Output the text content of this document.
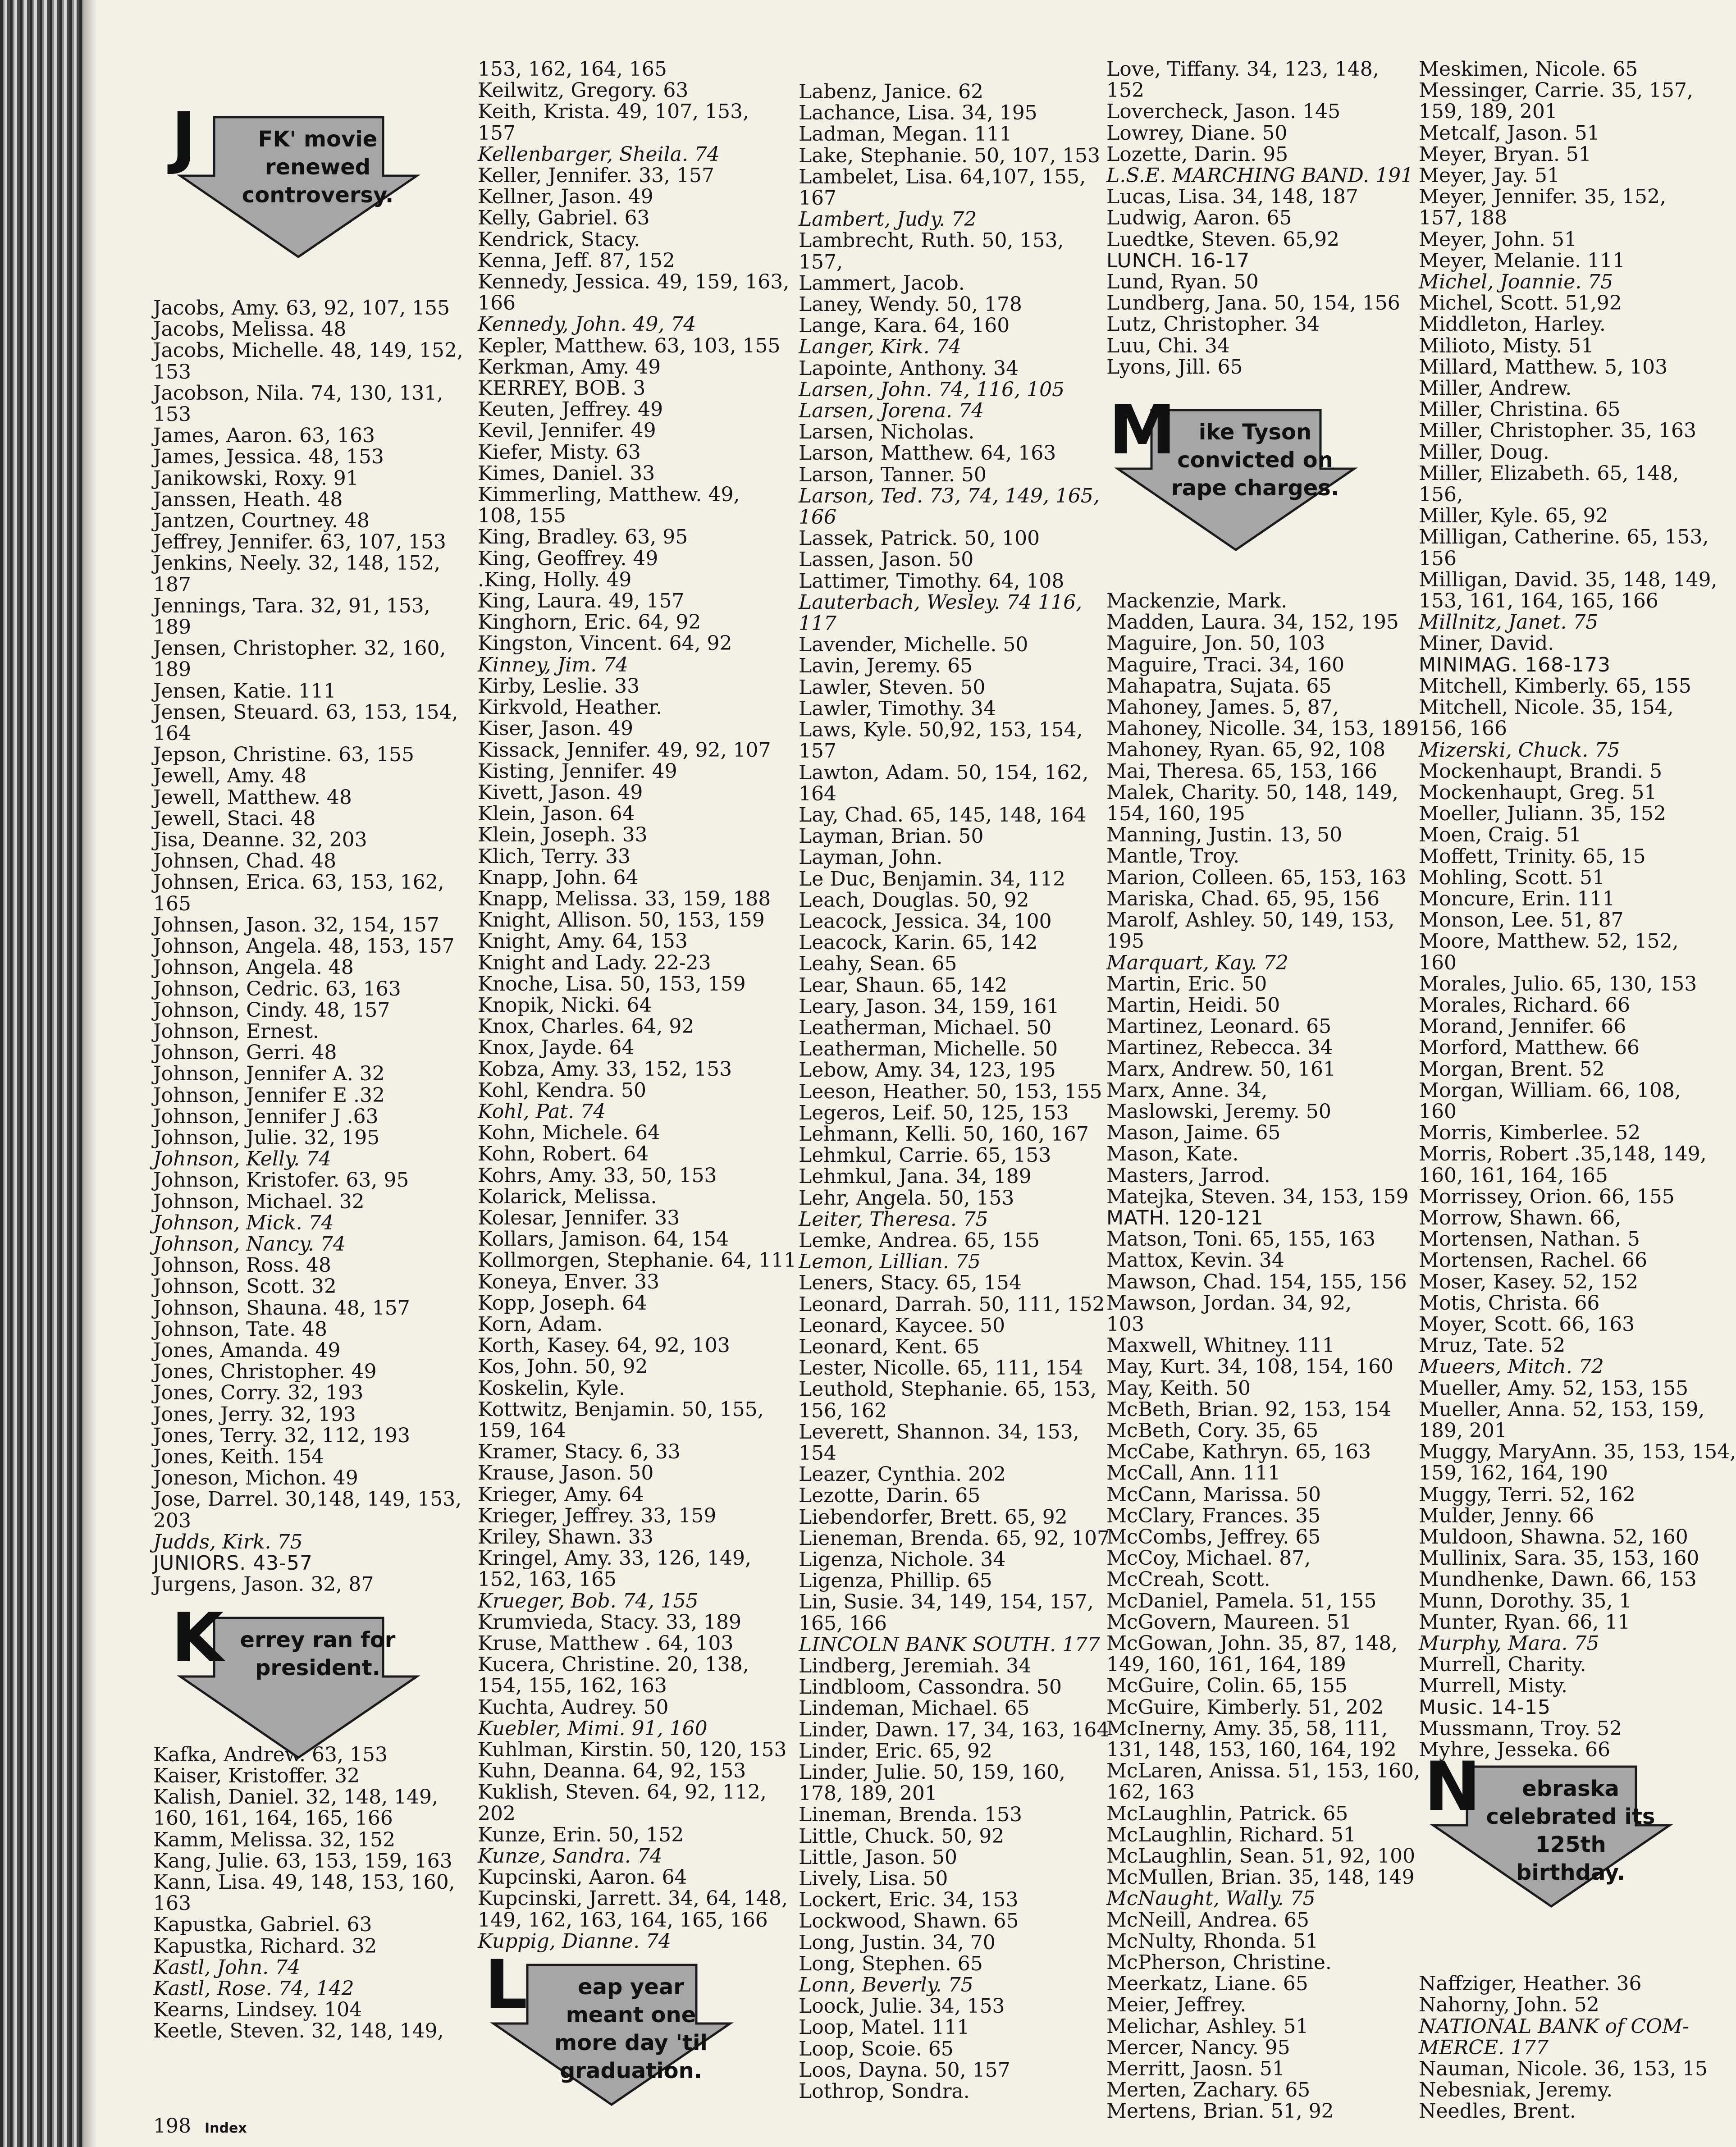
Jacobs, Amy. 63, 92, 107, 155
Jacobs, Melissa. 48
Jacobs, Michelle. 48, 149, 152,
153
Jacobson, Nila. 74, 130, 131,
153
James, Aaron. 63, 163
James, Jessica. 48, 153
Janikowski, Roxy. 91
Janssen, Heath. 48
Jantzen, Courtney. 48
Jeffrey, Jennifer. 63, 107, 153
Jenkins, Neely. 32, 148, 152,
187
Jennings, Tara. 32, 91, 153,
189
Jensen, Christopher. 32, 160,
189
Jensen, Katie. 111
Jensen, Steuard. 63, 153, 154,
164
Jepson, Christine. 63, 155
Jewell, Amy. 48
Jewell, Matthew. 48
Jewell, Staci. 48
Jisa, Deanne. 32, 203
Johnsen, Chad. 48
Johnsen, Erica. 63, 153, 162,
165
Johnsen, Jason. 32, 154, 157
Johnson, Angela. 48, 153, 157
Johnson, Angela. 48
Johnson, Cedric. 63, 163
Johnson, Cindy. 48, 157
Johnson, Ernest.
Johnson, Gerri. 48
Johnson, Jennifer A. 32
Johnson, Jennifer E .32
Johnson, Jennifer J .63
Johnson, Julie. 32, 195
Johnson, Kelly. 74
Johnson, Kristofer. 63, 95
Johnson, Michael. 32
Johnson, Mick. 74
Johnson, Nancy. 74
Johnson, Ross. 48
Johnson, Scott. 32
Johnson, Shauna. 48, 157
Johnson, Tate. 48
Jones, Amanda. 49
Jones, Christopher. 49
Jones, Corry. 32, 193
Jones, Jerry. 32, 193
Jones, Terry. 32, 112, 193
Jones, Keith. 154
Joneson, Michon. 49
Jose, Darrel. 30,148, 149, 153,
203
Judds, Kirk. 75
JUNIORS. 43-57
Jurgens, Jason. 32, 87
Kafka, Andrew. 63, 153
Kaiser, Kristoffer. 32
Kalish, Daniel. 32, 148, 149,
160, 161, 164, 165, 166
Kamm, Melissa. 32, 152
Kang, Julie. 63, 153, 159, 163
Kann, Lisa. 49, 148, 153, 160,
163
Kapustka, Gabriel. 63
Kapustka, Richard. 32
Kastl, John. 74
Kastl, Rose. 74, 142
Kearns, Lindsey. 104
Keetle, Steven. 32, 148, 149,
153, 162, 164, 165
Keilwitz, Gregory. 63
Keith, Krista. 49, 107, 153,
157
Kellenbarger, Sheila. 74
Keller, Jennifer. 33, 157
Kellner, Jason. 49
Kelly, Gabriel. 63
Kendrick, Stacy.
Kenna, Jeff. 87, 152
Kennedy, Jessica. 49, 159, 163,
166
Kennedy, John. 49, 74
Kepler, Matthew. 63, 103, 155
Kerkman, Amy. 49
KERREY, BOB. 3
Keuten, Jeffrey. 49
Kevil, Jennifer. 49
Kiefer, Misty. 63
Kimes, Daniel. 33
Kimmerling, Matthew. 49,
108, 155
King, Bradley. 63, 95
King, Geoffrey. 49
.King, Holly. 49
King, Laura. 49, 157
Kinghorn, Eric. 64, 92
Kingston, Vincent. 64, 92
Kinney, Jim. 74
Kirby, Leslie. 33
Kirkvold, Heather.
Kiser, Jason. 49
Kissack, Jennifer. 49, 92, 107
Kisting, Jennifer. 49
Kivett, Jason. 49
Klein, Jason. 64
Klein, Joseph. 33
Klich, Terry. 33
Knapp, John. 64
Knapp, Melissa. 33, 159, 188
Knight, Allison. 50, 153, 159
Knight, Amy. 64, 153
Knight and Lady. 22-23
Knoche, Lisa. 50, 153, 159
Knopik, Nicki. 64
Knox, Charles. 64, 92
Knox, Jayde. 64
Kobza, Amy. 33, 152, 153
Kohl, Kendra. 50
Kohl, Pat. 74
Kohn, Michele. 64
Kohn, Robert. 64
Kohrs, Amy. 33, 50, 153
Kolarick, Melissa.
Kolesar, Jennifer. 33
Kollars, Jamison. 64, 154
Kollmorgen, Stephanie. 64, 111
Koneya, Enver. 33
Kopp, Joseph. 64
Korn, Adam.
Korth, Kasey. 64, 92, 103
Kos, John. 50, 92
Koskelin, Kyle.
Kottwitz, Benjamin. 50, 155,
159, 164
Kramer, Stacy. 6, 33
Krause, Jason. 50
Krieger, Amy. 64
Krieger, Jeffrey. 33, 159
Kriley, Shawn. 33
Kringel, Amy. 33, 126, 149,
152, 163, 165
Krueger, Bob. 74, 155
Krumvieda, Stacy. 33, 189
Kruse, Matthew . 64, 103
Kucera, Christine. 20, 138,
154, 155, 162, 163
Kuchta, Audrey. 50
Kuebler, Mimi. 91, 160
Kuhlman, Kirstin. 50, 120, 153
Kuhn, Deanna. 64, 92, 153
Kuklish, Steven. 64, 92, 112,
202
Kunze, Erin. 50, 152
Kunze, Sandra. 74
Kupcinski, Aaron. 64
Kupcinski, Jarrett. 34, 64, 148,
149, 162, 163, 164, 165, 166
Kuppig, Dianne. 74
Labenz, Janice. 62
Lachance, Lisa. 34, 195
Ladman, Megan. 111
Lake, Stephanie. 50, 107, 153
Lambelet, Lisa. 64,107, 155,
167
Lambert, Judy. 72
Lambrecht, Ruth. 50, 153,
157,
Lammert, Jacob.
Laney, Wendy. 50, 178
Lange, Kara. 64, 160
Langer, Kirk. 74
Lapointe, Anthony. 34
Larsen, John. 74, 116, 105
Larsen, Jorena. 74
Larsen, Nicholas.
Larson, Matthew. 64, 163
Larson, Tanner. 50
Larson, Ted. 73, 74, 149, 165,
166
Lassek, Patrick. 50, 100
Lassen, Jason. 50
Lattimer, Timothy. 64, 108
Lauterbach, Wesley. 74 116,
117
Lavender, Michelle. 50
Lavin, Jeremy. 65
Lawler, Steven. 50
Lawler, Timothy. 34
Laws, Kyle. 50,92, 153, 154,
157
Lawton, Adam. 50, 154, 162,
164
Lay, Chad. 65, 145, 148, 164
Layman, Brian. 50
Layman, John.
Le Duc, Benjamin. 34, 112
Leach, Douglas. 50, 92
Leacock, Jessica. 34, 100
Leacock, Karin. 65, 142
Leahy, Sean. 65
Lear, Shaun. 65, 142
Leary, Jason. 34, 159, 161
Leatherman, Michael. 50
Leatherman, Michelle. 50
Lebow, Amy. 34, 123, 195
Leeson, Heather. 50, 153, 155
Legeros, Leif. 50, 125, 153
Lehmann, Kelli. 50, 160, 167
Lehmkul, Carrie. 65, 153
Lehmkul, Jana. 34, 189
Lehr, Angela. 50, 153
Leiter, Theresa. 75
Lemke, Andrea. 65, 155
Lemon, Lillian. 75
Leners, Stacy. 65, 154
Leonard, Darrah. 50, 111, 152
Leonard, Kaycee. 50
Leonard, Kent. 65
Lester, Nicolle. 65, 111, 154
Leuthold, Stephanie. 65, 153,
156, 162
Leverett, Shannon. 34, 153,
154
Leazer, Cynthia. 202
Lezotte, Darin. 65
Liebendorfer, Brett. 65, 92
Lieneman, Brenda. 65, 92, 107
Ligenza, Nichole. 34
Ligenza, Phillip. 65
Lin, Susie. 34, 149, 154, 157,
165, 166
LINCOLN BANK SOUTH. 177
Lindberg, Jeremiah. 34
Lindbloom, Cassondra. 50
Lindeman, Michael. 65
Linder, Dawn. 17, 34, 163, 164
Linder, Eric. 65, 92
Linder, Julie. 50, 159, 160,
178, 189, 201
Lineman, Brenda. 153
Little, Chuck. 50, 92
Little, Jason. 50
Lively, Lisa. 50
Lockert, Eric. 34, 153
Lockwood, Shawn. 65
Long, Justin. 34, 70
Long, Stephen. 65
Lonn, Beverly. 75
Loock, Julie. 34, 153
Loop, Matel. 111
Loop, Scoie. 65
Loos, Dayna. 50, 157
Lothrop, Sondra.
Love, Tiffany. 34, 123, 148,
152
Lovercheck, Jason. 145
Lowrey, Diane. 50
Lozette, Darin. 95
L.S.E. MARCHING BAND. 191
Lucas, Lisa. 34, 148, 187
Ludwig, Aaron. 65
Luedtke, Steven. 65,92
LUNCH. 16-17
Lund, Ryan. 50
Lundberg, Jana. 50, 154, 156
Lutz, Christopher. 34
Luu, Chi. 34
Lyons, Jill. 65
Mackenzie, Mark.
Madden, Laura. 34, 152, 195
Maguire, Jon. 50, 103
Maguire, Traci. 34, 160
Mahapatra, Sujata. 65
Mahoney, James. 5, 87,
Mahoney, Nicolle. 34, 153, 189
Mahoney, Ryan. 65, 92, 108
Mai, Theresa. 65, 153, 166
Malek, Charity. 50, 148, 149,
154, 160, 195
Manning, Justin. 13, 50
Mantle, Troy.
Marion, Colleen. 65, 153, 163
Mariska, Chad. 65, 95, 156
Marolf, Ashley. 50, 149, 153,
195
Marquart, Kay. 72
Martin, Eric. 50
Martin, Heidi. 50
Martinez, Leonard. 65
Martinez, Rebecca. 34
Marx, Andrew. 50, 161
Marx, Anne. 34,
Maslowski, Jeremy. 50
Mason, Jaime. 65
Mason, Kate.
Masters, Jarrod.
Matejka, Steven. 34, 153, 159
MATH. 120-121
Matson, Toni. 65, 155, 163
Mattox, Kevin. 34
Mawson, Chad. 154, 155, 156
Mawson, Jordan. 34, 92,
103
Maxwell, Whitney. 111
May, Kurt. 34, 108, 154, 160
May, Keith. 50
McBeth, Brian. 92, 153, 154
McBeth, Cory. 35, 65
McCabe, Kathryn. 65, 163
McCall, Ann. 111
McCann, Marissa. 50
McClary, Frances. 35
McCombs, Jeffrey. 65
McCoy, Michael. 87,
McCreah, Scott.
McDaniel, Pamela. 51, 155
McGovern, Maureen. 51
McGowan, John. 35, 87, 148,
149, 160, 161, 164, 189
McGuire, Colin. 65, 155
McGuire, Kimberly. 51, 202
McInerny, Amy. 35, 58, 111,
131, 148, 153, 160, 164, 192
McLaren, Anissa. 51, 153, 160,
162, 163
McLaughlin, Patrick. 65
McLaughlin, Richard. 51
McLaughlin, Sean. 51, 92, 100
McMullen, Brian. 35, 148, 149
McNaught, Wally. 75
McNeill, Andrea. 65
McNulty, Rhonda. 51
McPherson, Christine.
Meerkatz, Liane. 65
Meier, Jeffrey.
Melichar, Ashley. 51
Mercer, Nancy. 95
Merritt, Jaosn. 51
Merten, Zachary. 65
Mertens, Brian. 51, 92
Meskimen, Nicole. 65
Messinger, Carrie. 35, 157,
159, 189, 201
Metcalf, Jason. 51
Meyer, Bryan. 51
Meyer, Jay. 51
Meyer, Jennifer. 35, 152,
157, 188
Meyer, John. 51
Meyer, Melanie. 111
Michel, Joannie. 75
Michel, Scott. 51,92
Middleton, Harley.
Milioto, Misty. 51
Millard, Matthew. 5, 103
Miller, Andrew.
Miller, Christina. 65
Miller, Christopher. 35, 163
Miller, Doug.
Miller, Elizabeth. 65, 148,
156,
Miller, Kyle. 65, 92
Milligan, Catherine. 65, 153,
156
Milligan, David. 35, 148, 149,
153, 161, 164, 165, 166
Millnitz, Janet. 75
Miner, David.
MINIMAG. 168-173
Mitchell, Kimberly. 65, 155
Mitchell, Nicole. 35, 154,
156, 166
Mizerski, Chuck. 75
Mockenhaupt, Brandi. 5
Mockenhaupt, Greg. 51
Moeller, Juliann. 35, 152
Moen, Craig. 51
Moffett, Trinity. 65, 15
Mohling, Scott. 51
Moncure, Erin. 111
Monson, Lee. 51, 87
Moore, Matthew. 52, 152,
160
Morales, Julio. 65, 130, 153
Morales, Richard. 66
Morand, Jennifer. 66
Morford, Matthew. 66
Morgan, Brent. 52
Morgan, William. 66, 108,
160
Morris, Kimberlee. 52
Morris, Robert .35,148, 149,
160, 161, 164, 165
Morrissey, Orion. 66, 155
Morrow, Shawn. 66,
Mortensen, Nathan. 5
Mortensen, Rachel. 66
Moser, Kasey. 52, 152
Motis, Christa. 66
Moyer, Scott. 66, 163
Mruz, Tate. 52
Mueers, Mitch. 72
Mueller, Amy. 52, 153, 155
Mueller, Anna. 52, 153, 159,
189, 201
Muggy, MaryAnn. 35, 153, 154,
159, 162, 164, 190
Muggy, Terri. 52, 162
Mulder, Jenny. 66
Muldoon, Shawna. 52, 160
Mullinix, Sara. 35, 153, 160
Mundhenke, Dawn. 66, 153
Munn, Dorothy. 35, 1
Munter, Ryan. 66, 11
Murphy, Mara. 75
Murrell, Charity.
Murrell, Misty.
Music. 14-15
Mussmann, Troy. 52
Myhre, Jesseka. 66
Naffziger, Heather. 36
Nahorny, John. 52
NATIONAL BANK of COM-
MERCE. 177
Nauman, Nicole. 36, 153, 15
Nebesniak, Jeremy.
Needles, Brent.
J	FK' movie renewed controversy.
K errey ran for president.
L	eap year meant one more day 'til graduation.
M	ike Tyson convicted on rape charges.
N	ebraska celebrated its 125th birthday.
198 Index
